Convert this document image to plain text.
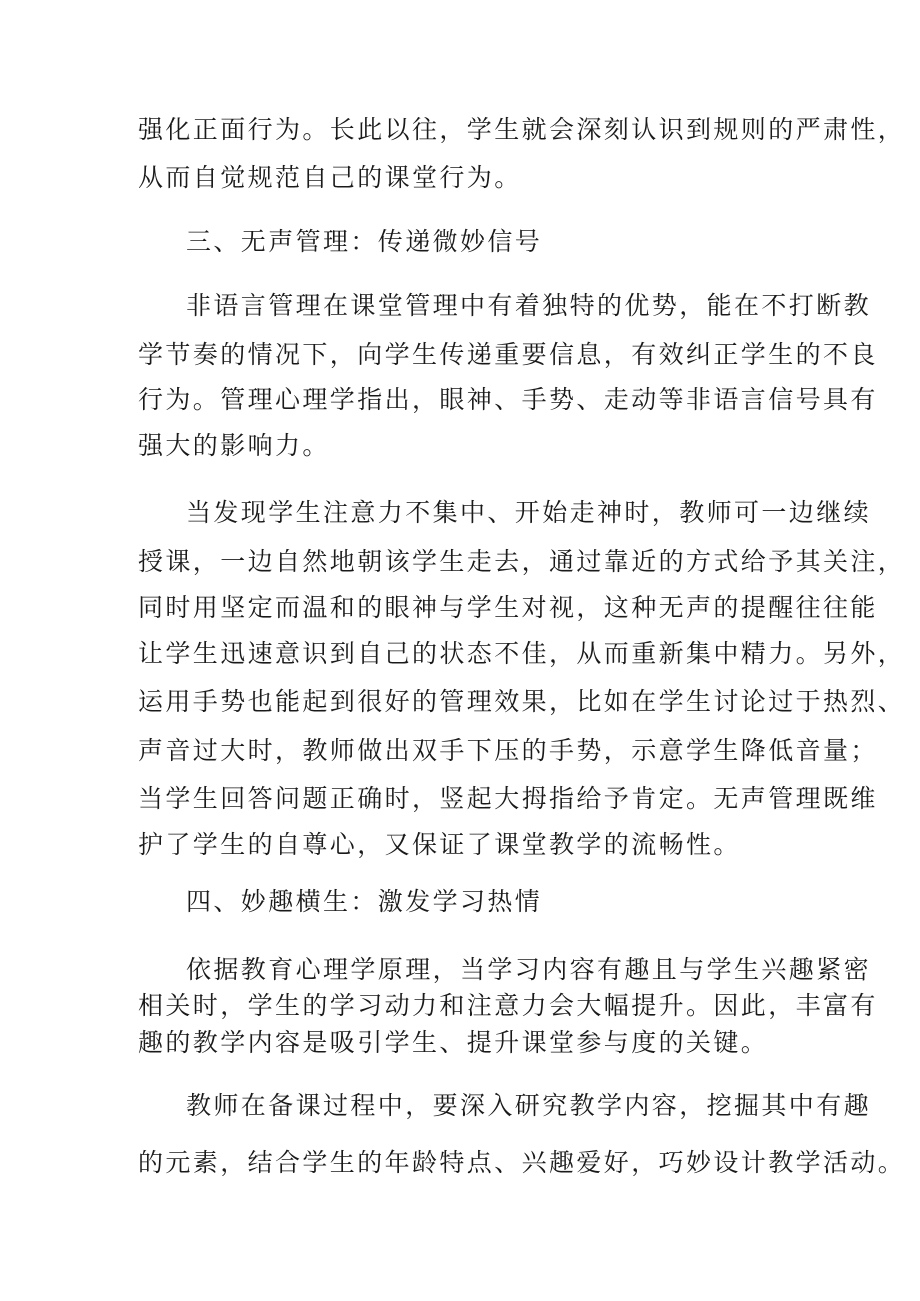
强化正面行为。长此以往，学生就会深刻认识到规则的严肃性，
从而自觉规范自己的课堂行为。
三、无声管理：传递微妙信号
非语言管理在课堂管理中有着独特的优势，能在不打断教
学节奏的情况下，向学生传递重要信息，有效纠正学生的不良
行为。管理心理学指出，眼神、手势、走动等非语言信号具有
强大的影响力。
当发现学生注意力不集中、开始走神时，教师可一边继续
授课，一边自然地朝该学生走去，通过靠近的方式给予其关注，
同时用坚定而温和的眼神与学生对视，这种无声的提醒往往能
让学生迅速意识到自己的状态不佳，从而重新集中精力。另外，
运用手势也能起到很好的管理效果，比如在学生讨论过于热烈、
声音过大时，教师做出双手下压的手势，示意学生降低音量；
当学生回答问题正确时，竖起大拇指给予肯定。无声管理既维
护了学生的自尊心，又保证了课堂教学的流畅性。
四、妙趣横生：激发学习热情
依据教育心理学原理，当学习内容有趣且与学生兴趣紧密
相关时，学生的学习动力和注意力会大幅提升。因此，丰富有
趣的教学内容是吸引学生、提升课堂参与度的关键。
教师在备课过程中，要深入研究教学内容，挖掘其中有趣
的元素，结合学生的年龄特点、兴趣爱好，巧妙设计教学活动。
